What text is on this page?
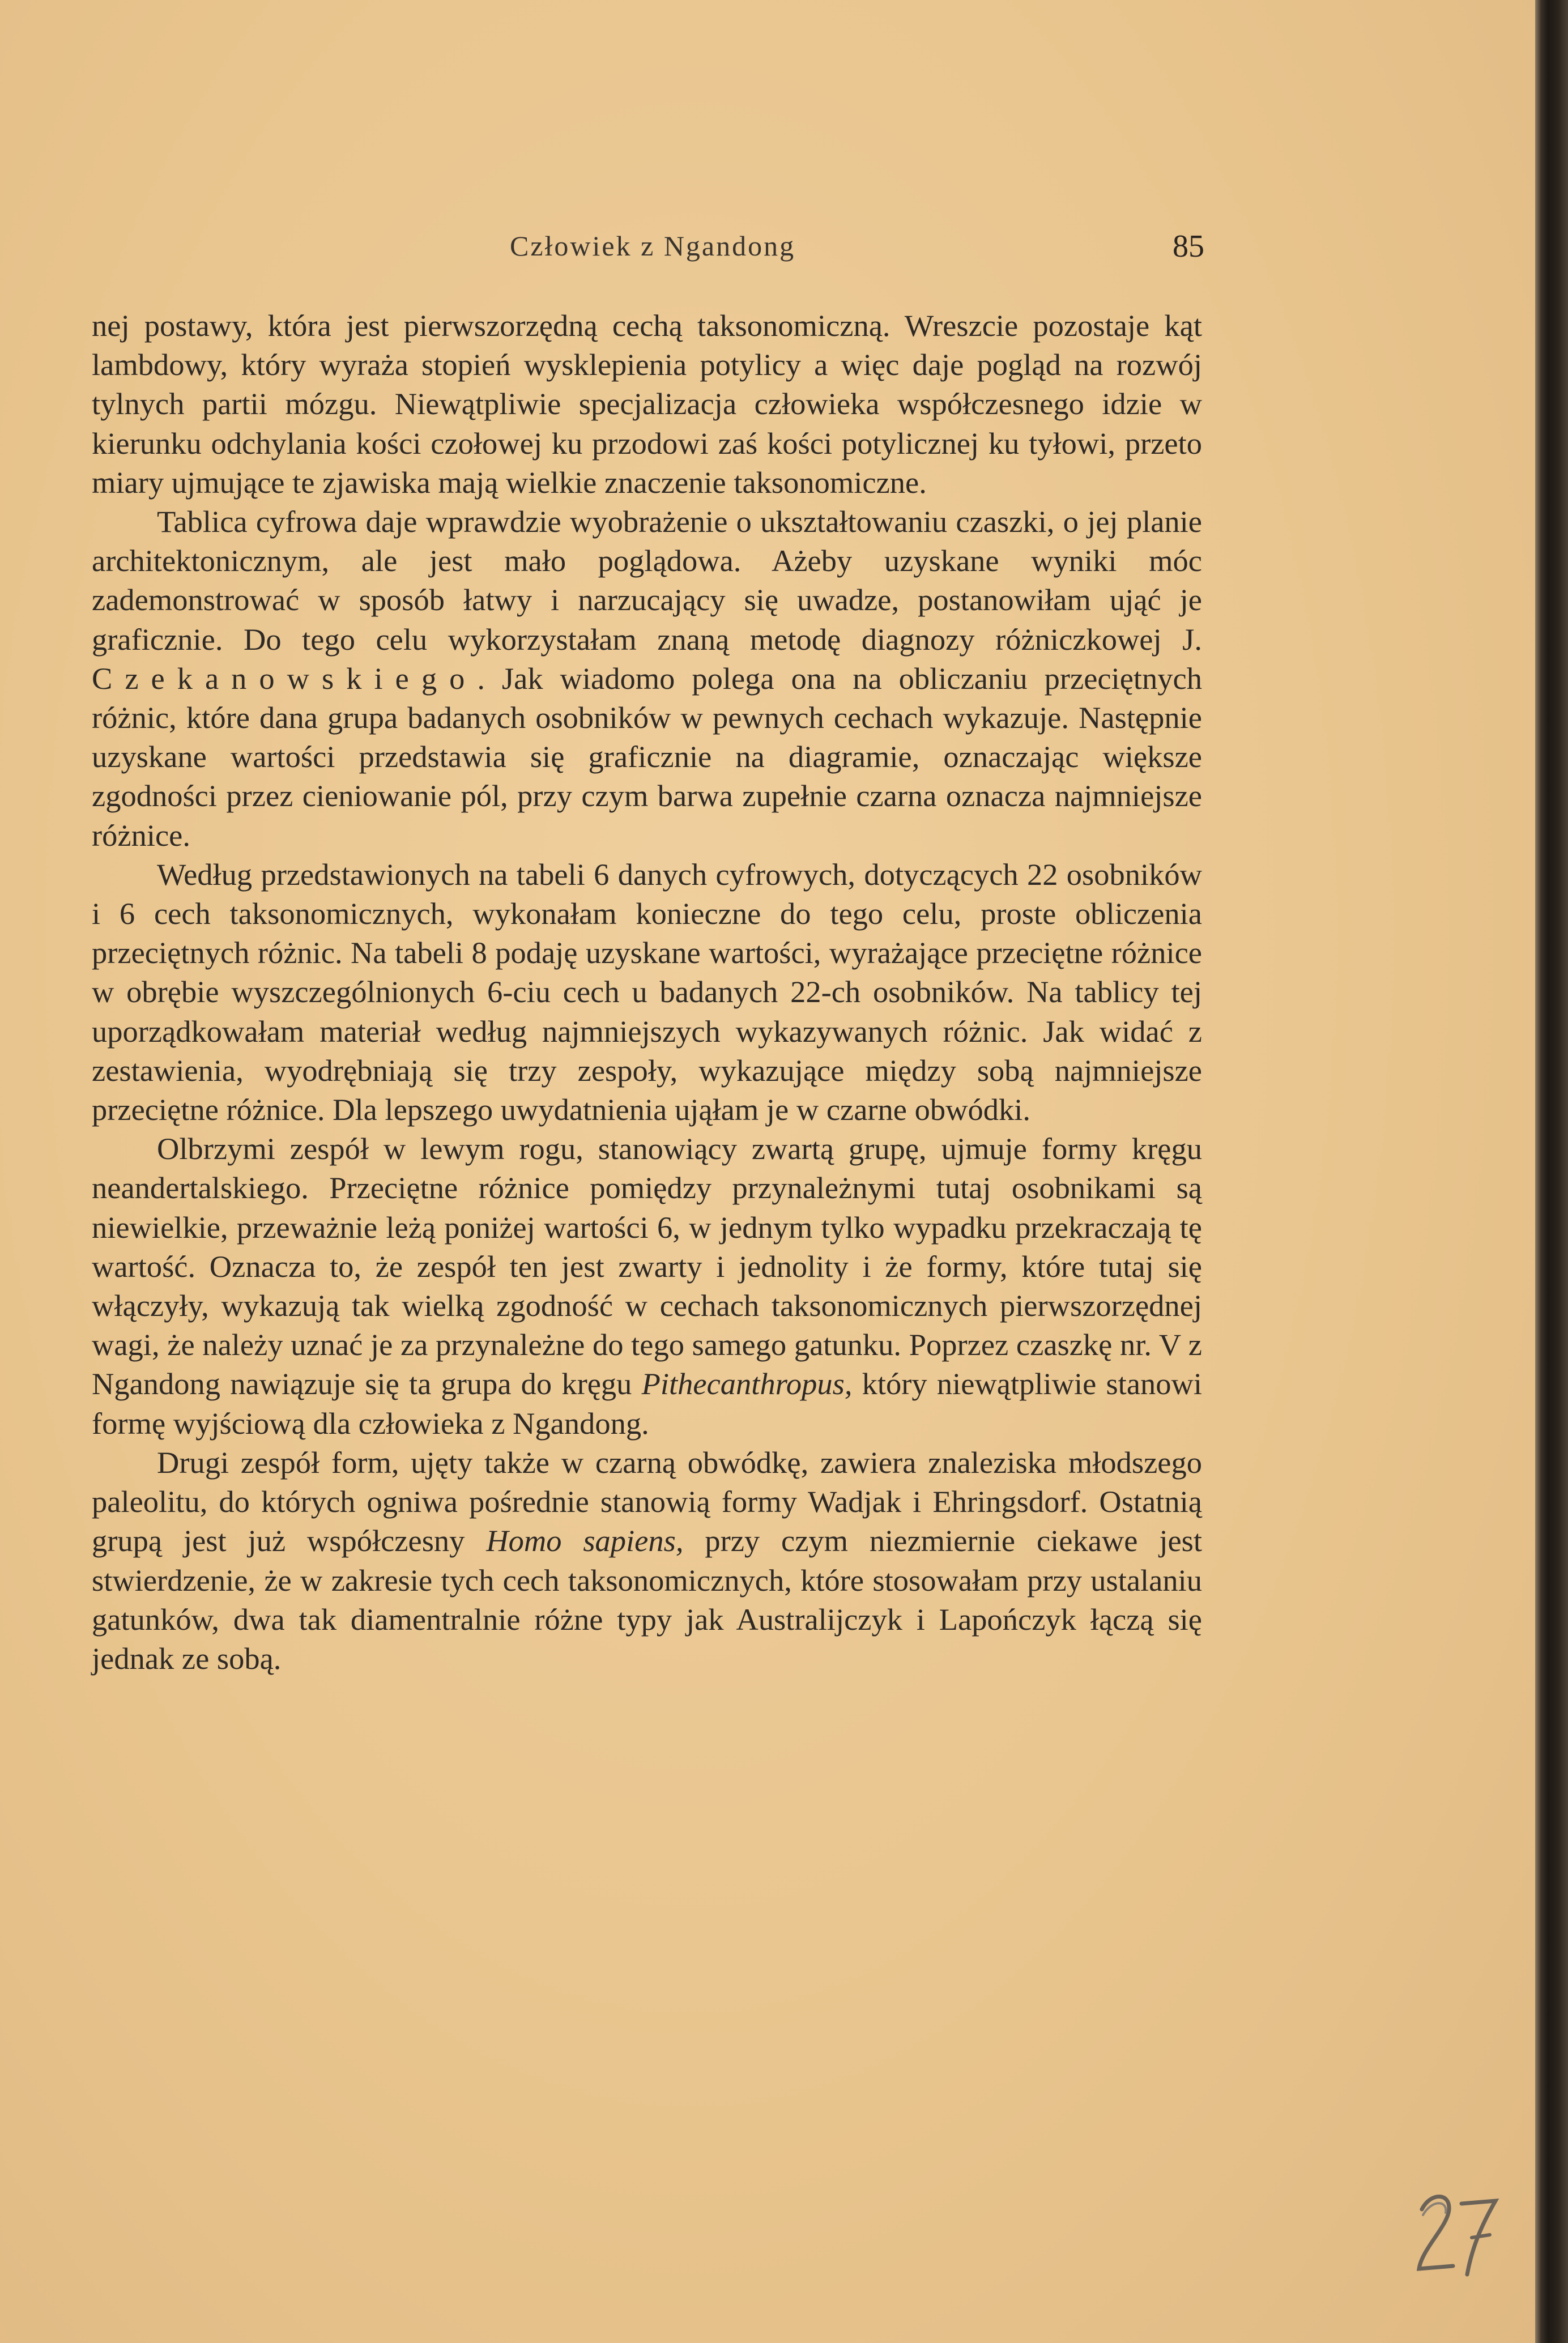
Człowiek z Ngandong	85

nej postawy, która jest pierwszorzędną cechą taksonomiczną. Wreszcie pozostaje kąt lambdowy, który wyraża stopień wysklepienia potylicy a więc daje pogląd na rozwój tylnych partii mózgu. Niewątpliwie specjalizacja człowieka współczesnego idzie w kierunku odchylania kości czołowej ku przodowi zaś kości potylicznej ku tyłowi, przeto miary ujmujące te zjawiska mają wielkie znaczenie taksonomiczne.

Tablica cyfrowa daje wprawdzie wyobrażenie o ukształtowaniu czaszki, o jej planie architektonicznym, ale jest mało poglądowa. Ażeby uzyskane wyniki móc zademonstrować w sposób łatwy i narzucający się uwadze, postanowiłam ująć je graficznie. Do tego celu wykorzystałam znaną metodę diagnozy różniczkowej J. Czekanowskiego. Jak wiadomo polega ona na obliczaniu przeciętnych różnic, które dana grupa badanych osobników w pewnych cechach wykazuje. Następnie uzyskane wartości przedstawia się graficznie na diagramie, oznaczając większe zgodności przez cieniowanie pól, przy czym barwa zupełnie czarna oznacza najmniejsze różnice.

Według przedstawionych na tabeli 6 danych cyfrowych, dotyczących 22 osobników i 6 cech taksonomicznych, wykonałam konieczne do tego celu, proste obliczenia przeciętnych różnic. Na tabeli 8 podaję uzyskane wartości, wyrażające przeciętne różnice w obrębie wyszczególnionych 6-ciu cech u badanych 22-ch osobników. Na tablicy tej uporządkowałam materiał według najmniejszych wykazywanych różnic. Jak widać z zestawienia, wyodrębniają się trzy zespoły, wykazujące między sobą najmniejsze przeciętne różnice. Dla lepszego uwydatnienia ująłam je w czarne obwódki.

Olbrzymi zespół w lewym rogu, stanowiący zwartą grupę, ujmuje formy kręgu neandertalskiego. Przeciętne różnice pomiędzy przynależnymi tutaj osobnikami są niewielkie, przeważnie leżą poniżej wartości 6, w jednym tylko wypadku przekraczają tę wartość. Oznacza to, że zespół ten jest zwarty i jednolity i że formy, które tutaj się włączyły, wykazują tak wielką zgodność w cechach taksonomicznych pierwszorzędnej wagi, że należy uznać je za przynależne do tego samego gatunku. Poprzez czaszkę nr. V z Ngandong nawiązuje się ta grupa do kręgu Pithecanthropus, który niewątpliwie stanowi formę wyjściową dla człowieka z Ngandong.

Drugi zespół form, ujęty także w czarną obwódkę, zawiera znaleziska młodszego paleolitu, do których ogniwa pośrednie stanowią formy Wadjak i Ehringsdorf. Ostatnią grupą jest już współczesny Homo sapiens, przy czym niezmiernie ciekawe jest stwierdzenie, że w zakresie tych cech taksonomicznych, które stosowałam przy ustalaniu gatunków, dwa tak diamentralnie różne typy jak Australijczyk i Lapończyk łączą się jednak ze sobą.
